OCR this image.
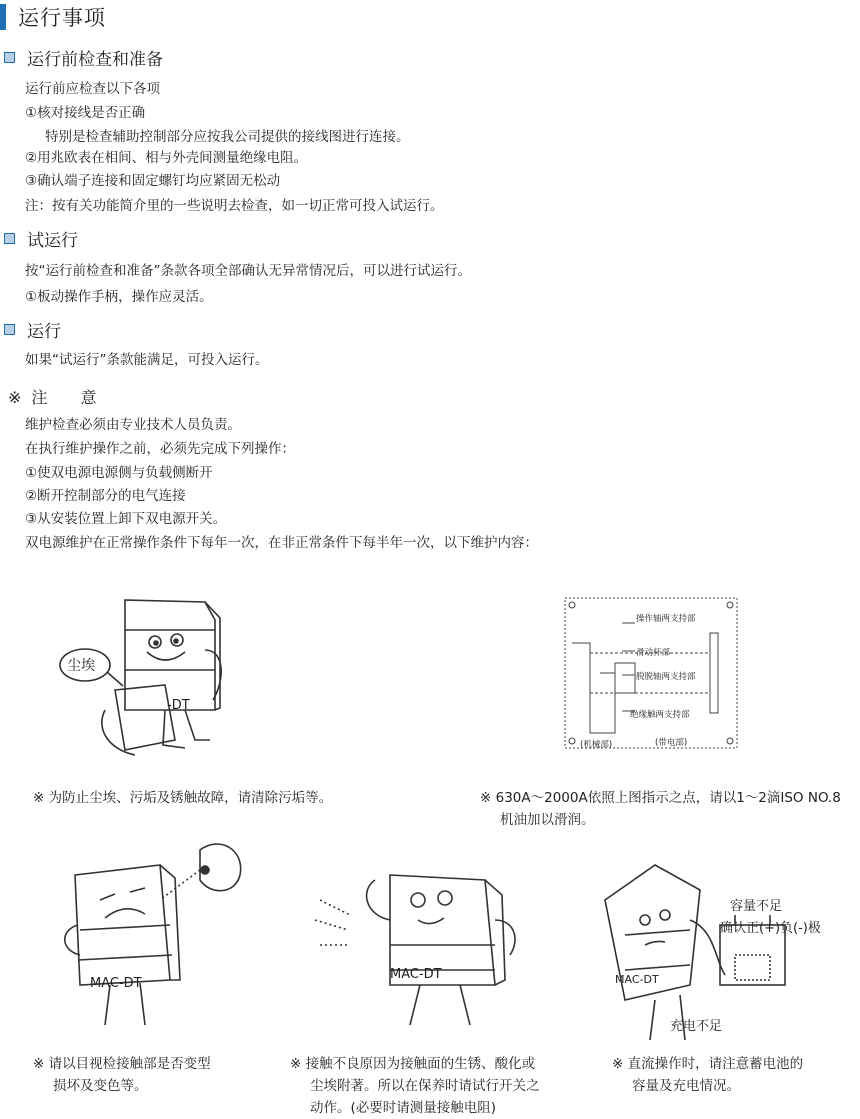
运行事项
运行前检查和准备
运行前应检查以下各项
①核对接线是否正确
特别是检查辅助控制部分应按我公司提供的接线图进行连接。
②用兆欧表在相间、相与外壳间测量绝缘电阻。
③确认端子连接和固定螺钉均应紧固无松动
注：按有关功能简介里的一些说明去检查，如一切正常可投入试运行。
试运行
按“运行前检查和准备”条款各项全部确认无异常情况后，可以进行试运行。
①板动操作手柄，操作应灵活。
运行
如果“试运行”条款能满足，可投入运行。
※ 注 意
维护检查必须由专业技术人员负责。
在执行维护操作之前，必须先完成下列操作：
①使双电源电源侧与负载侧断开
②断开控制部分的电气连接
③从安装位置上卸下双电源开关。
双电源维护在正常操作条件下每年一次，在非正常条件下每半年一次，以下维护内容：
尘埃
-DT
※ 为防止尘埃、污垢及锈触故障，请清除污垢等。
操作轴两支持部
滑动杆部
脱脱轴两支持部
绝缘触两支持部
(机械部)	(带电部)
※ 630A～2000A依照上图指示之点，请以1～2滴ISO NO.8
机油加以滑润。
MAC-DT
※ 请以目视检接触部是否变型
损坏及变色等。
MAC-DT
※ 接触不良原因为接触面的生锈、酸化或
尘埃附著。所以在保养时请试行开关之
动作。(必要时请测量接触电阻)
MAC-DT
容量不足
确认正(+)负(-)极
充电不足
※ 直流操作时，请注意蓄电池的
容量及充电情况。
